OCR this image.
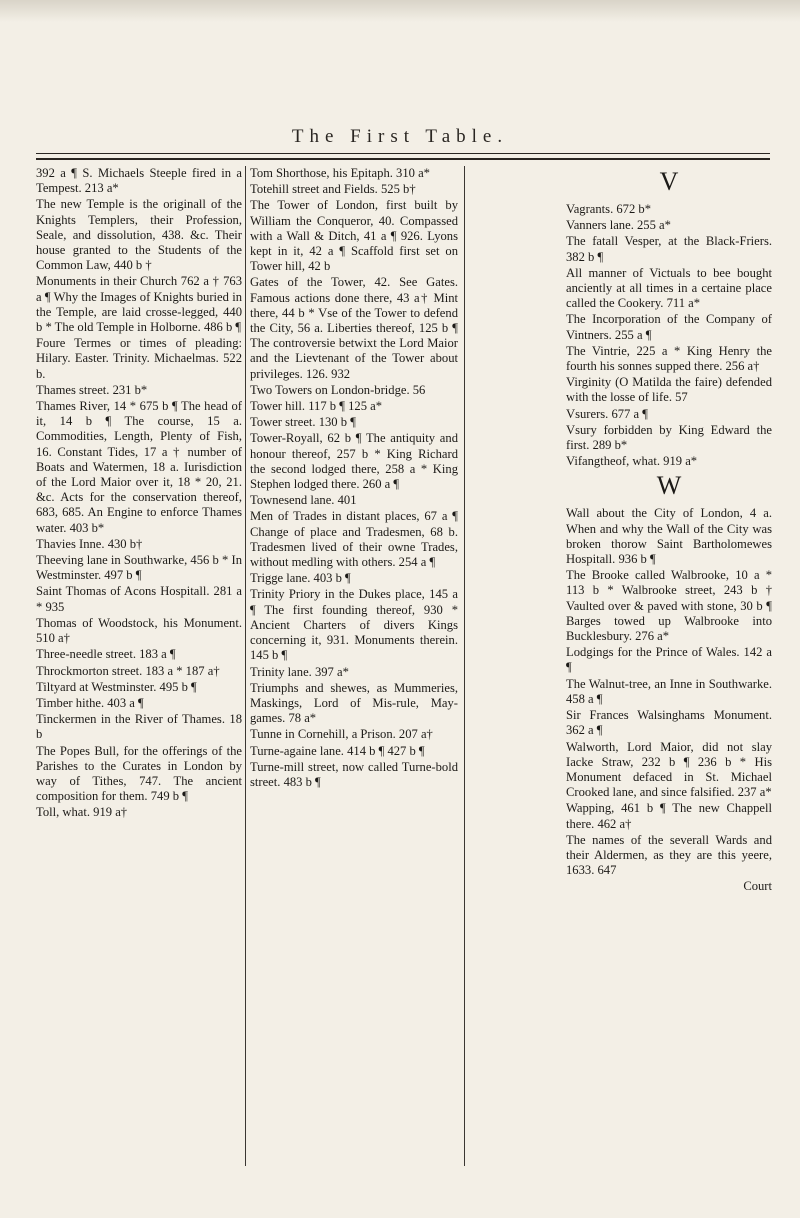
The First Table.

392 a ¶ S. Michaels Steeple fired in a Tempest. 213 a*

The new Temple is the originall of the Knights Templers, their Profession, Seale, and dissolution, 438. &c. Their house granted to the Students of the Common Law, 440 b †

Monuments in their Church 762 a † 763 a ¶ Why the Images of Knights buried in the Temple, are laid crosse-legged, 440 b * The old Temple in Holborne. 486 b ¶

Foure Termes or times of pleading: Hilary. Easter. Trinity. Michaelmas. 522 b.

Thames street. 231 b*

Thames River, 14 * 675 b ¶ The head of it, 14 b ¶ The course, 15 a. Commodities, Length, Plenty of Fish, 16. Constant Tides, 17 a † number of Boats and Watermen, 18 a. Iurisdiction of the Lord Maior over it, 18 * 20, 21. &c. Acts for the conservation thereof, 683, 685. An Engine to enforce Thames water. 403 b*

Thavies Inne. 430 b†

Theeving lane in Southwarke, 456 b * In Westminster. 497 b ¶

Saint Thomas of Acons Hospitall. 281 a * 935

Thomas of Woodstock, his Monument. 510 a†

Three-needle street. 183 a ¶

Throckmorton street. 183 a * 187 a†

Tiltyard at Westminster. 495 b ¶

Timber hithe. 403 a ¶

Tinckermen in the River of Thames. 18 b

The Popes Bull, for the offerings of the Parishes to the Curates in London by way of Tithes, 747. The ancient composition for them. 749 b ¶

Toll, what. 919 a†

Tom Shorthose, his Epitaph. 310 a*

Totehill street and Fields. 525 b†

The Tower of London, first built by William the Conqueror, 40. Compassed with a Wall & Ditch, 41 a ¶ 926. Lyons kept in it, 42 a ¶ Scaffold first set on Tower hill, 42 b

Gates of the Tower, 42. See Gates. Famous actions done there, 43 a† Mint there, 44 b * Vse of the Tower to defend the City, 56 a. Liberties thereof, 125 b ¶ The controversie betwixt the Lord Maior and the Lievtenant of the Tower about privileges. 126. 932

Two Towers on London-bridge. 56

Tower hill. 117 b ¶ 125 a*

Tower street. 130 b ¶

Tower-Royall, 62 b ¶ The antiquity and honour thereof, 257 b * King Richard the second lodged there, 258 a * King Stephen lodged there. 260 a ¶

Townesend lane. 401

Men of Trades in distant places, 67 a ¶ Change of place and Tradesmen, 68 b. Tradesmen lived of their owne Trades, without medling with others. 254 a ¶

Trigge lane. 403 b ¶

Trinity Priory in the Dukes place, 145 a ¶ The first founding thereof, 930 * Ancient Charters of divers Kings concerning it, 931. Monuments therein. 145 b ¶

Trinity lane. 397 a*

Triumphs and shewes, as Mummeries, Maskings, Lord of Mis-rule, May-games. 78 a*

Tunne in Cornehill, a Prison. 207 a†

Turne-againe lane. 414 b ¶ 427 b ¶

Turne-mill street, now called Turne-bold street. 483 b ¶

V

Vagrants. 672 b*

Vanners lane. 255 a*

The fatall Vesper, at the Black-Friers. 382 b ¶

All manner of Victuals to bee bought anciently at all times in a certaine place called the Cookery. 711 a*

The Incorporation of the Company of Vintners. 255 a ¶

The Vintrie, 225 a * King Henry the fourth his sonnes supped there. 256 a†

Virginity (O Matilda the faire) defended with the losse of life. 57

Vsurers. 677 a ¶

Vsury forbidden by King Edward the first. 289 b*

Vifangtheof, what. 919 a*

W

Wall about the City of London, 4 a. When and why the Wall of the City was broken thorow Saint Bartholomewes Hospitall. 936 b ¶

The Brooke called Walbrooke, 10 a * 113 b * Walbrooke street, 243 b † Vaulted over & paved with stone, 30 b ¶ Barges towed up Walbrooke into Bucklesbury. 276 a*

Lodgings for the Prince of Wales. 142 a ¶

The Walnut-tree, an Inne in Southwarke. 458 a ¶

Sir Frances Walsinghams Monument. 362 a ¶

Walworth, Lord Maior, did not slay Iacke Straw, 232 b ¶ 236 b * His Monument defaced in St. Michael Crooked lane, and since falsified. 237 a*

Wapping, 461 b ¶ The new Chappell there. 462 a†

The names of the severall Wards and their Aldermen, as they are this yeere, 1633. 647

Court
